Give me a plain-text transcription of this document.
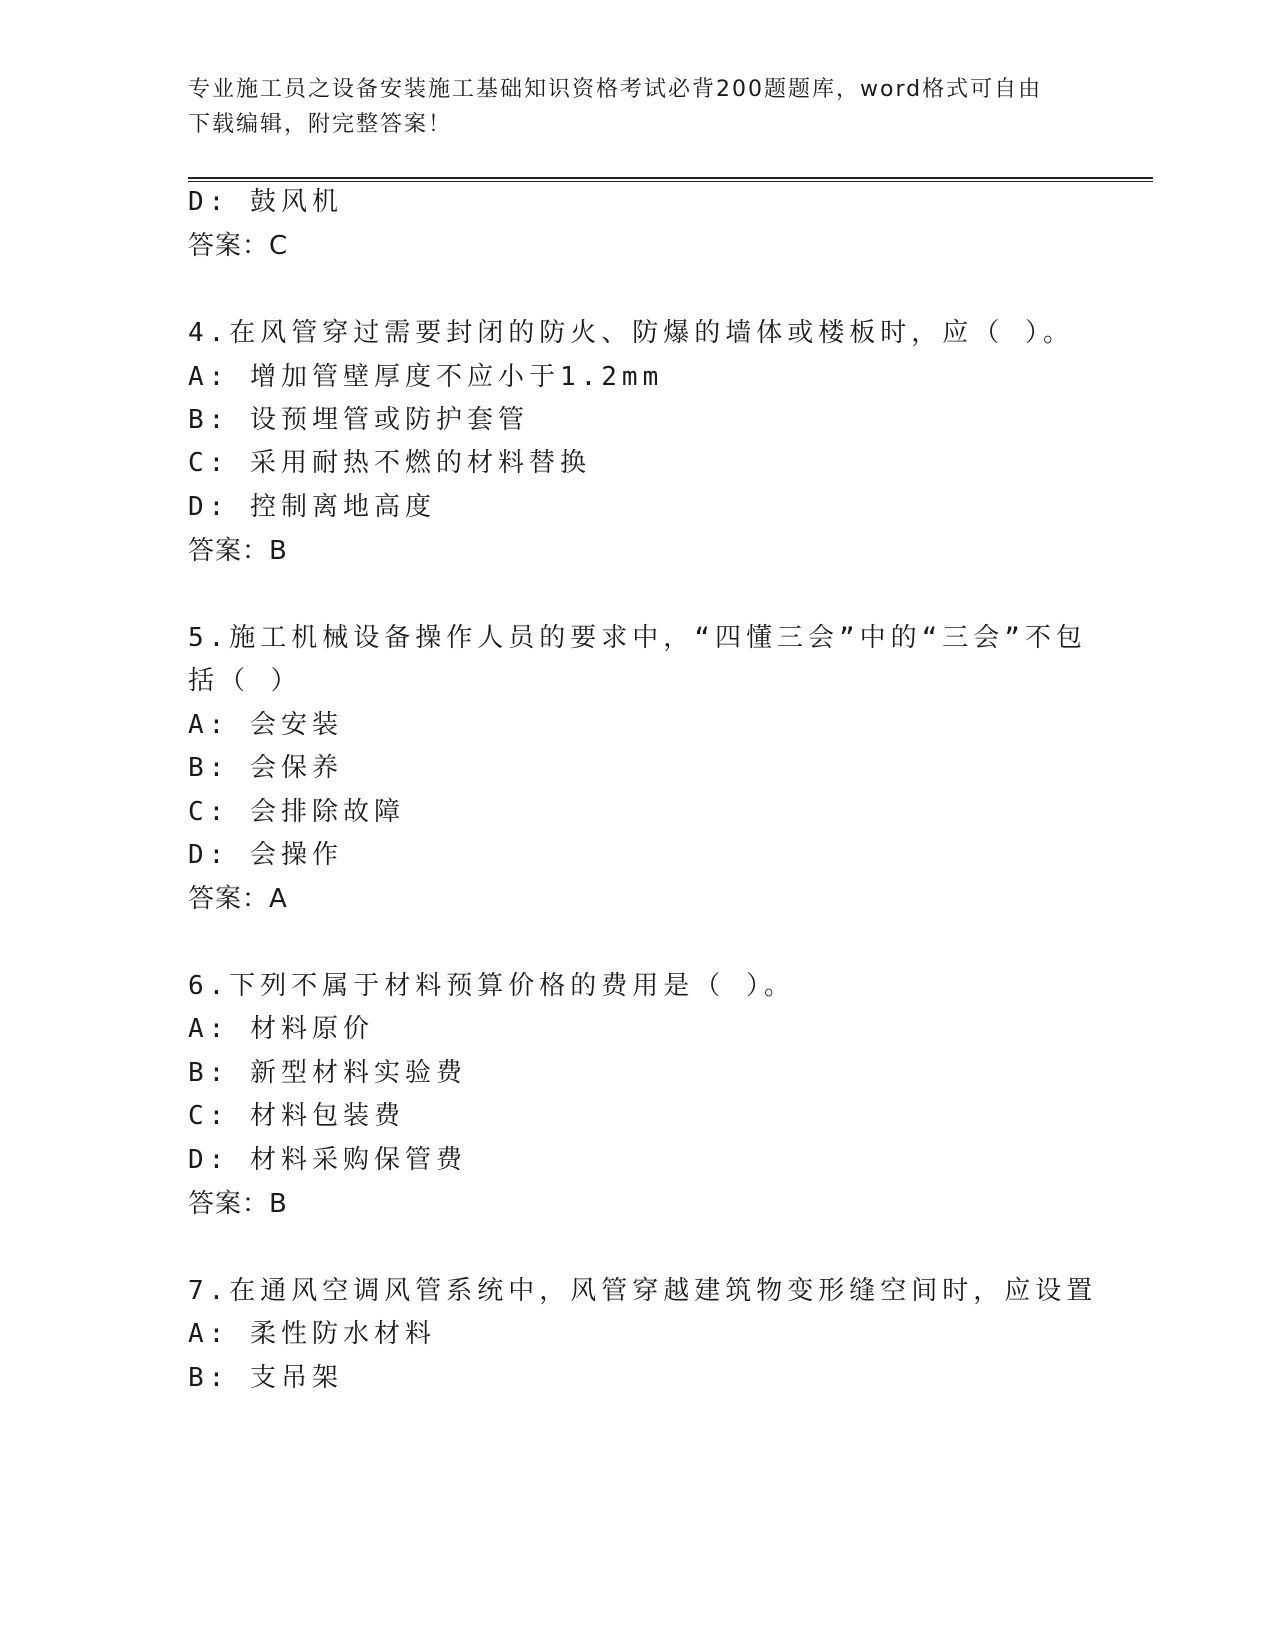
专业施工员之设备安装施工基础知识资格考试必背200题题库，word格式可自由
下载编辑，附完整答案！
D: 鼓风机
答案：C
4.在风管穿过需要封闭的防火、防爆的墙体或楼板时，应（ ）。
A: 增加管壁厚度不应小于1.2mm
B: 设预埋管或防护套管
C: 采用耐热不燃的材料替换
D: 控制离地高度
答案：B
5.施工机械设备操作人员的要求中，“四懂三会”中的“三会”不包
括（ ）
A: 会安装
B: 会保养
C: 会排除故障
D: 会操作
答案：A
6.下列不属于材料预算价格的费用是（ ）。
A: 材料原价
B: 新型材料实验费
C: 材料包装费
D: 材料采购保管费
答案：B
7.在通风空调风管系统中，风管穿越建筑物变形缝空间时，应设置
A: 柔性防水材料
B: 支吊架
